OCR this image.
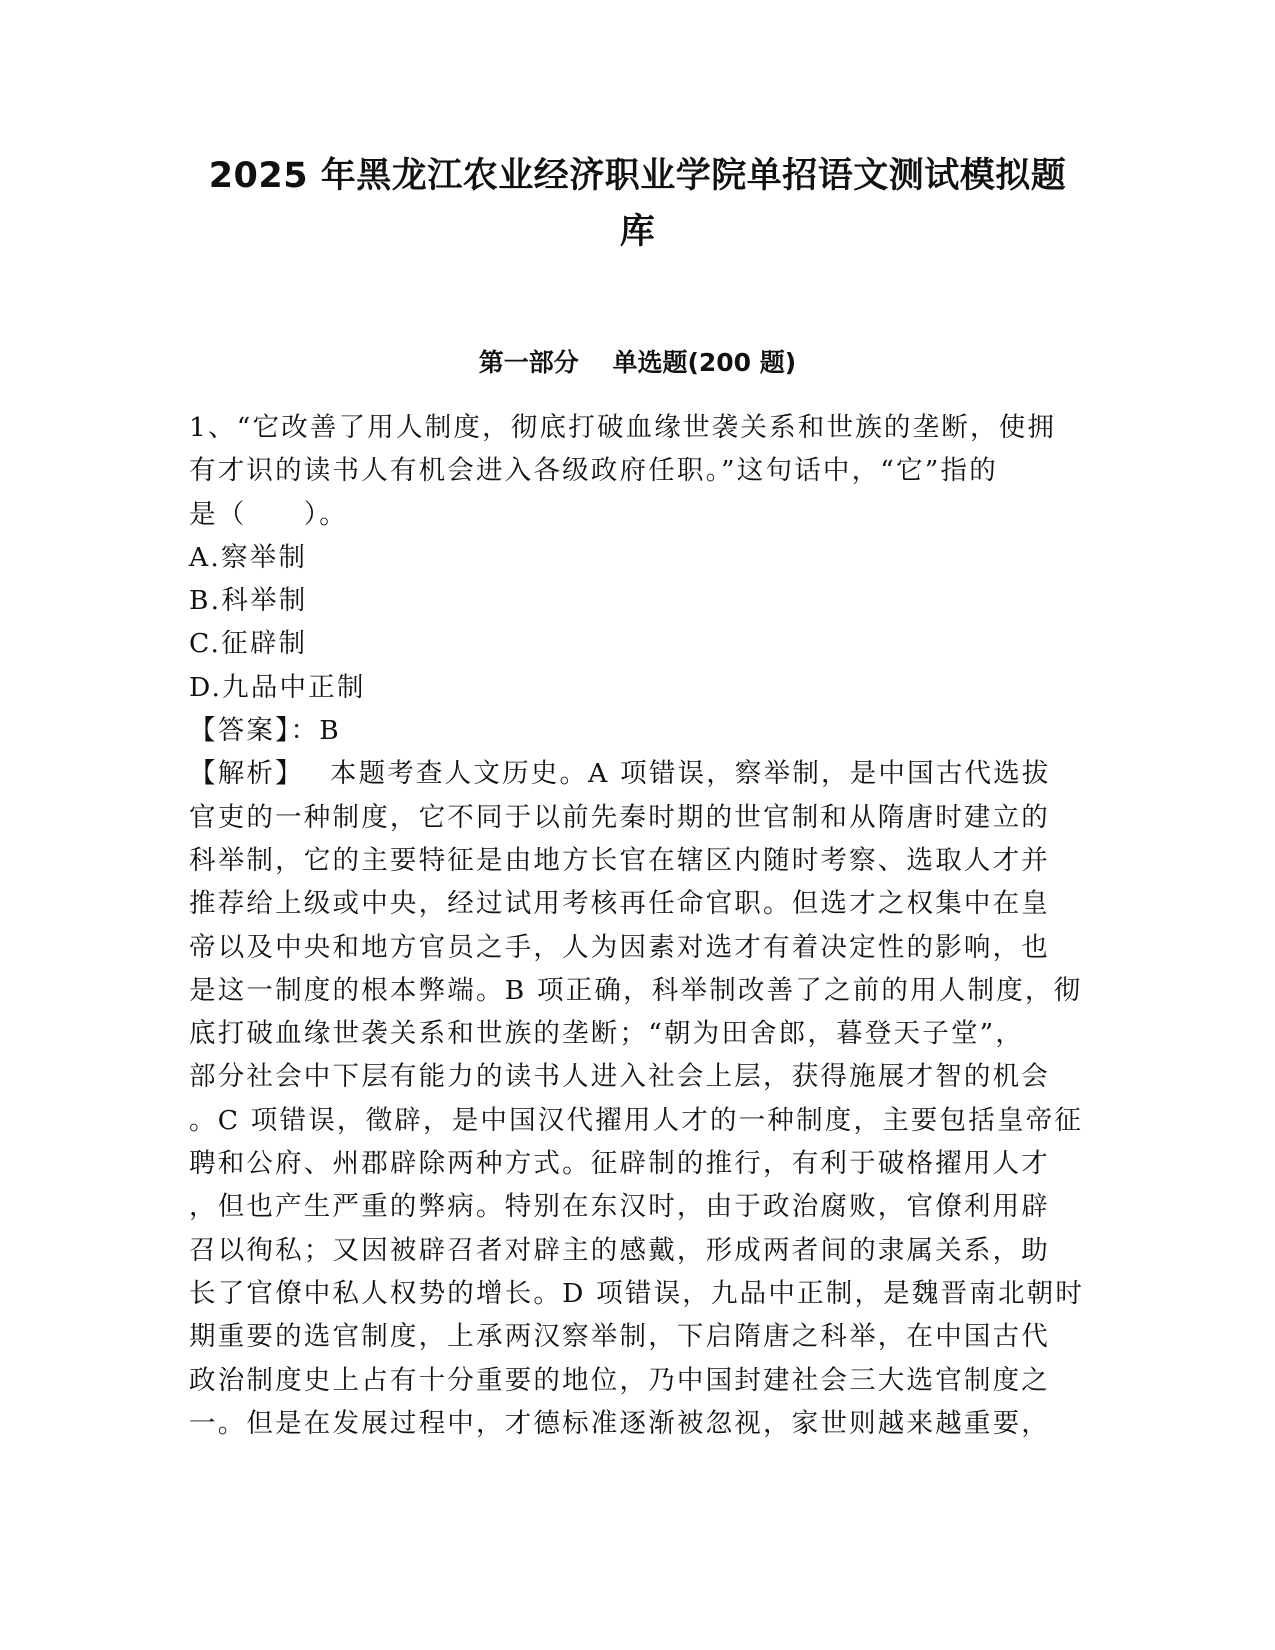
2025 年黑龙江农业经济职业学院单招语文测试模拟题
库
第一部分　 单选题(200 题)
1、“它改善了用人制度，彻底打破血缘世袭关系和世族的垄断，使拥
有才识的读书人有机会进入各级政府任职。”这句话中，“它”指的
是（　　）。
A.察举制
B.科举制
C.征辟制
D.九品中正制
【答案】：B
【解析】　 本题考查人文历史。A 项错误，察举制，是中国古代选拔
官吏的一种制度，它不同于以前先秦时期的世官制和从隋唐时建立的
科举制，它的主要特征是由地方长官在辖区内随时考察、选取人才并
推荐给上级或中央，经过试用考核再任命官职。但选才之权集中在皇
帝以及中央和地方官员之手，人为因素对选才有着决定性的影响，也
是这一制度的根本弊端。B 项正确，科举制改善了之前的用人制度，彻
底打破血缘世袭关系和世族的垄断；“朝为田舍郎，暮登天子堂”，
部分社会中下层有能力的读书人进入社会上层，获得施展才智的机会
。C 项错误，徵辟，是中国汉代擢用人才的一种制度，主要包括皇帝征
聘和公府、州郡辟除两种方式。征辟制的推行，有利于破格擢用人才
，但也产生严重的弊病。特别在东汉时，由于政治腐败，官僚利用辟
召以徇私；又因被辟召者对辟主的感戴，形成两者间的隶属关系，助
长了官僚中私人权势的增长。D 项错误，九品中正制，是魏晋南北朝时
期重要的选官制度，上承两汉察举制，下启隋唐之科举，在中国古代
政治制度史上占有十分重要的地位，乃中国封建社会三大选官制度之
一。但是在发展过程中，才德标准逐渐被忽视，家世则越来越重要，
